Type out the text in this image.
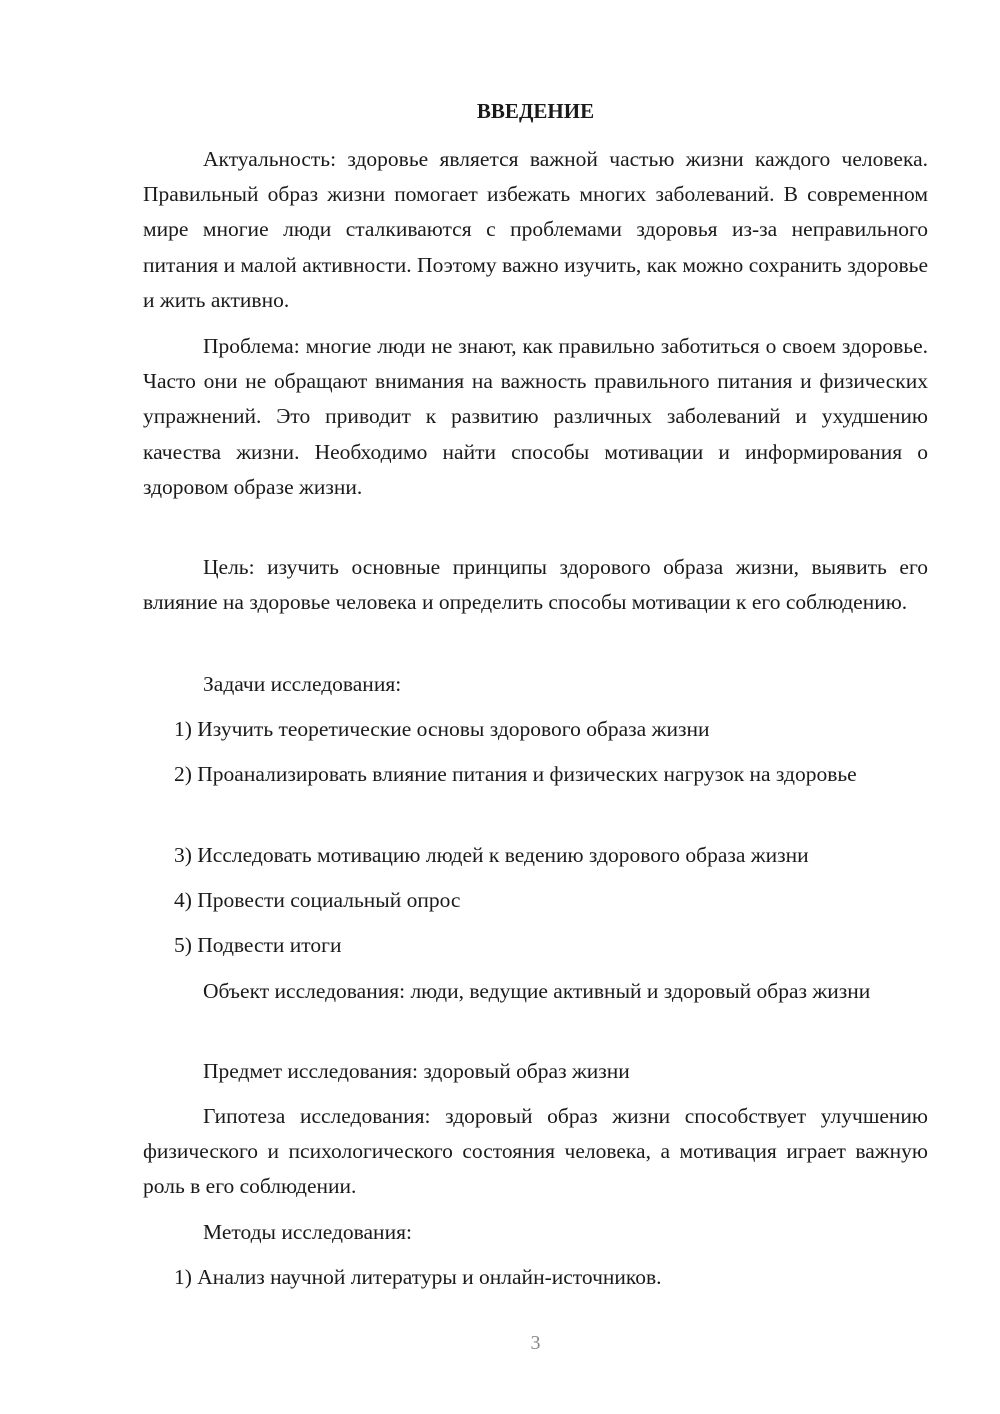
ВВЕДЕНИЕ

Актуальность: здоровье является важной частью жизни каждого человека. Правильный образ жизни помогает избежать многих заболеваний. В современном мире многие люди сталкиваются с проблемами здоровья из-за неправильного питания и малой активности. Поэтому важно изучить, как можно сохранить здоровье и жить активно.

Проблема: многие люди не знают, как правильно заботиться о своем здоровье. Часто они не обращают внимания на важность правильного питания и физических упражнений. Это приводит к развитию различных заболеваний и ухудшению качества жизни. Необходимо найти способы мотивации и информирования о здоровом образе жизни.

Цель: изучить основные принципы здорового образа жизни, выявить его влияние на здоровье человека и определить способы мотивации к его соблюдению.

Задачи исследования:

1) Изучить теоретические основы здорового образа жизни

2) Проанализировать влияние питания и физических нагрузок на здоровье

3) Исследовать мотивацию людей к ведению здорового образа жизни

4) Провести социальный опрос

5) Подвести итоги

Объект исследования: люди, ведущие активный и здоровый образ жизни

Предмет исследования: здоровый образ жизни

Гипотеза исследования: здоровый образ жизни способствует улучшению физического и психологического состояния человека, а мотивация играет важную роль в его соблюдении.

Методы исследования:

1) Анализ научной литературы и онлайн-источников.

3
